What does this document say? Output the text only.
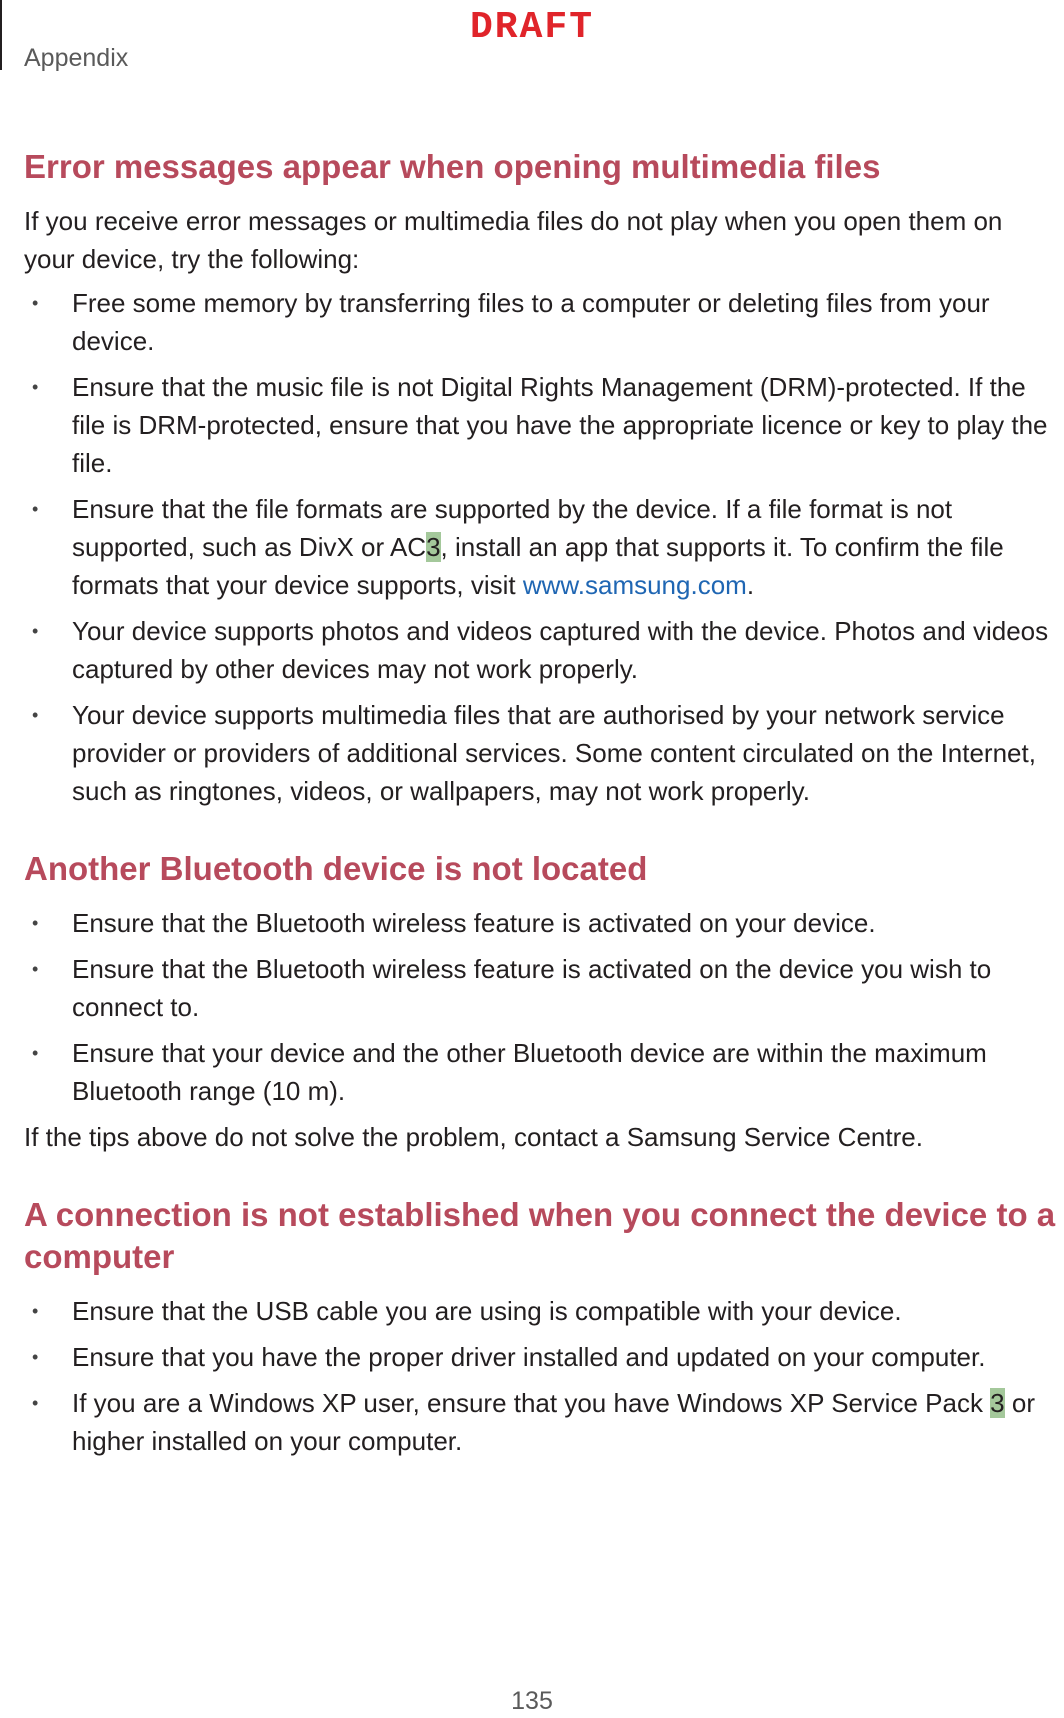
Appendix
DRAFT
Error messages appear when opening multimedia files

If you receive error messages or multimedia files do not play when you open them on your device, try the following:

• Free some memory by transferring files to a computer or deleting files from your device.
• Ensure that the music file is not Digital Rights Management (DRM)-protected. If the file is DRM-protected, ensure that you have the appropriate licence or key to play the file.
• Ensure that the file formats are supported by the device. If a file format is not supported, such as DivX or AC3, install an app that supports it. To confirm the file formats that your device supports, visit www.samsung.com.
• Your device supports photos and videos captured with the device. Photos and videos captured by other devices may not work properly.
• Your device supports multimedia files that are authorised by your network service provider or providers of additional services. Some content circulated on the Internet, such as ringtones, videos, or wallpapers, may not work properly.
Another Bluetooth device is not located
• Ensure that the Bluetooth wireless feature is activated on your device.
• Ensure that the Bluetooth wireless feature is activated on the device you wish to connect to.
• Ensure that your device and the other Bluetooth device are within the maximum Bluetooth range (10 m).

If the tips above do not solve the problem, contact a Samsung Service Centre.

A connection is not established when you connect the device to a computer
• Ensure that the USB cable you are using is compatible with your device.
• Ensure that you have the proper driver installed and updated on your computer.
• If you are a Windows XP user, ensure that you have Windows XP Service Pack 3 or higher installed on your computer.
135
